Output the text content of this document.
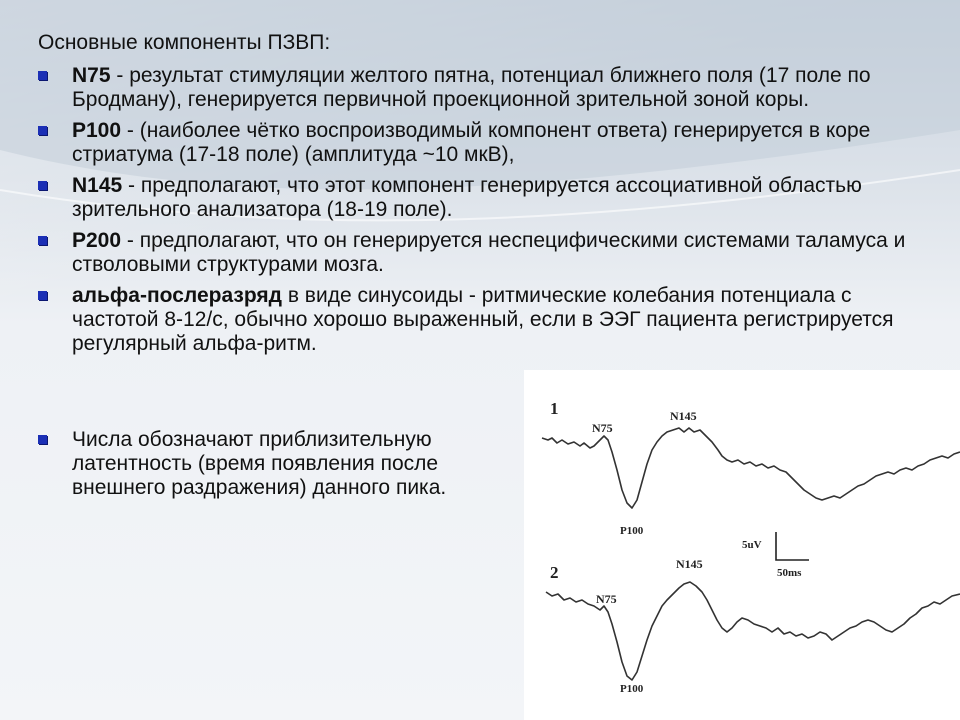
Основные компоненты ПЗВП:
N75 - результат стимуляции желтого пятна, потенциал ближнего поля (17 поле по Бродману), генерируется первичной проекционной зрительной зоной коры.
P100 - (наиболее чётко воспроизводимый компонент ответа) генерируется в коре стриатума (17-18 поле) (амплитуда ~10 мкВ),
N145 - предполагают, что этот компонент генерируется ассоциативной областью зрительного анализатора (18-19 поле).
P200 - предполагают, что он генерируется неспецифическими системами таламуса и стволовыми структурами мозга.
альфа-послеразряд в виде синусоиды - ритмические колебания потенциала с частотой 8-12/с, обычно хорошо выраженный, если в ЭЭГ пациента регистрируется регулярный альфа-ритм.
Числа обозначают приблизительную латентность (время появления после внешнего раздражения) данного пика.
1
N75
N145
P100
5uV
50ms
2
N75
N145
P100
